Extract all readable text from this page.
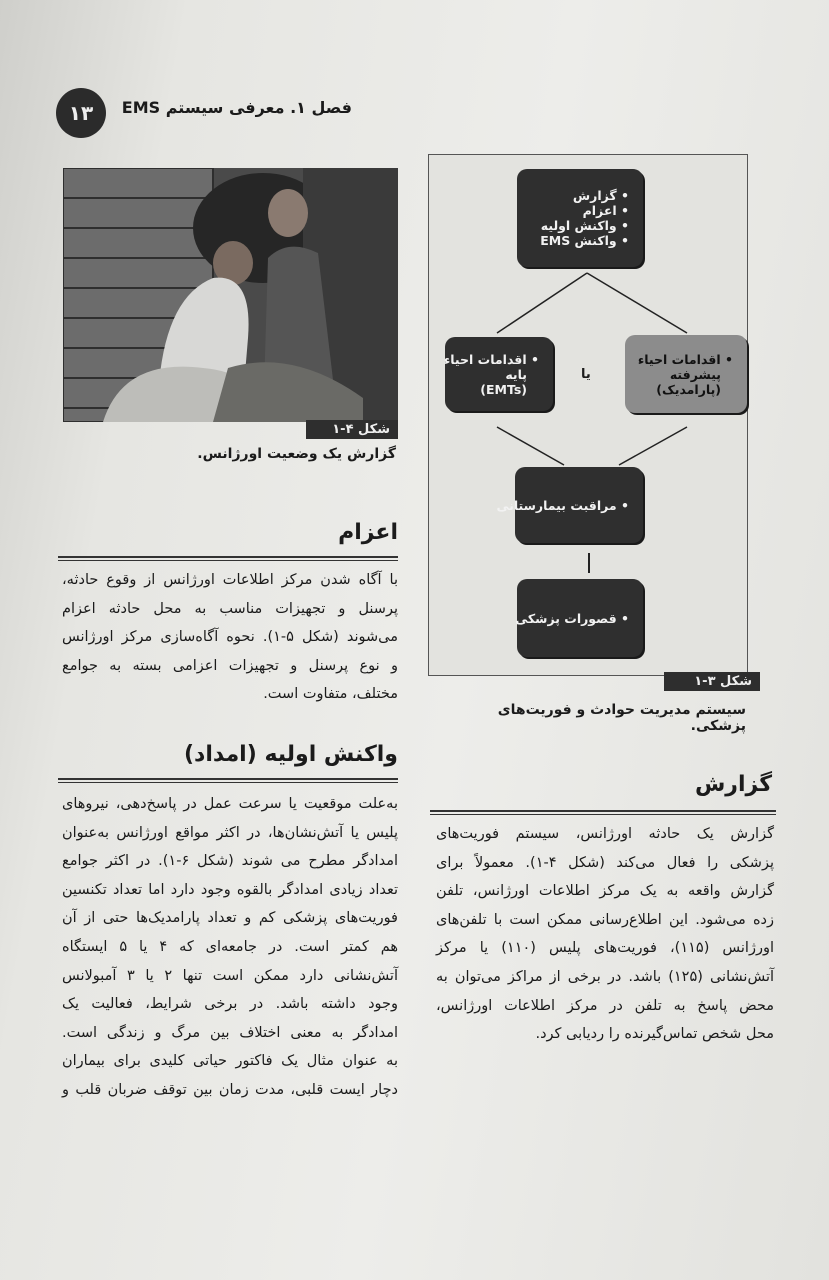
۱۳	فصل ۱. معرفی سیستم EMS
شکل ۴-۱
گزارش یک وضعیت اورژانس.
اعزام
با آگاه شدن مرکز اطلاعات اورژانس از وقوع حادثه،
پرسنل و تجهیزات مناسب به محل حادثه اعزام
می‌شوند (شکل ۵-۱). نحوه آگاه‌سازی مرکز اورژانس
و نوع پرسنل و تجهیزات اعزامی بسته به جوامع
مختلف، متفاوت است.
واکنش اولیه (امداد)
به‌علت موقعیت یا سرعت عمل در پاسخ‌دهی، نیروهای
پلیس یا آتش‌نشان‌ها، در اکثر مواقع اورژانس به‌عنوان
امدادگر مطرح می شوند (شکل ۶-۱). در اکثر جوامع
تعداد زیادی امدادگر بالقوه وجود دارد اما تعداد تکنسین
فوریت‌های پزشکی کم و تعداد پارامدیک‌ها حتی از آن
هم کمتر است. در جامعه‌ای که ۴ یا ۵ ایستگاه
آتش‌نشانی دارد ممکن است تنها ۲ یا ۳ آمبولانس
وجود داشته باشد. در برخی شرایط، فعالیت یک
امدادگر به معنی اختلاف بین مرگ و زندگی است.
به عنوان مثال یک فاکتور حیاتی کلیدی برای بیماران
دچار ایست قلبی، مدت زمان بین توقف ضربان قلب و
• گزارش
• اعزام
• واکنش اولیه
• واکنش EMS
• اقدامات احیاء
پیشرفته
(پارامدیک)
یا
• اقدامات احیاء
پایه (EMTs)
• مراقبت بیمارستانی
• قصورات پزشکی
شکل ۳-۱
سیستم مدیریت حوادث و فوریت‌های پزشکی.
گزارش
گزارش یک حادثه اورژانس، سیستم فوریت‌های
پزشکی را فعال می‌کند (شکل ۴-۱). معمولاً برای
گزارش واقعه به یک مرکز اطلاعات اورژانس، تلفن
زده می‌شود. این اطلاع‌رسانی ممکن است با تلفن‌های
اورژانس (۱۱۵)، فوریت‌های پلیس (۱۱۰) یا مرکز
آتش‌نشانی (۱۲۵) باشد. در برخی از مراکز می‌توان به
محض پاسخ به تلفن در مرکز اطلاعات اورژانس،
محل شخص تماس‌گیرنده را ردیابی کرد.
